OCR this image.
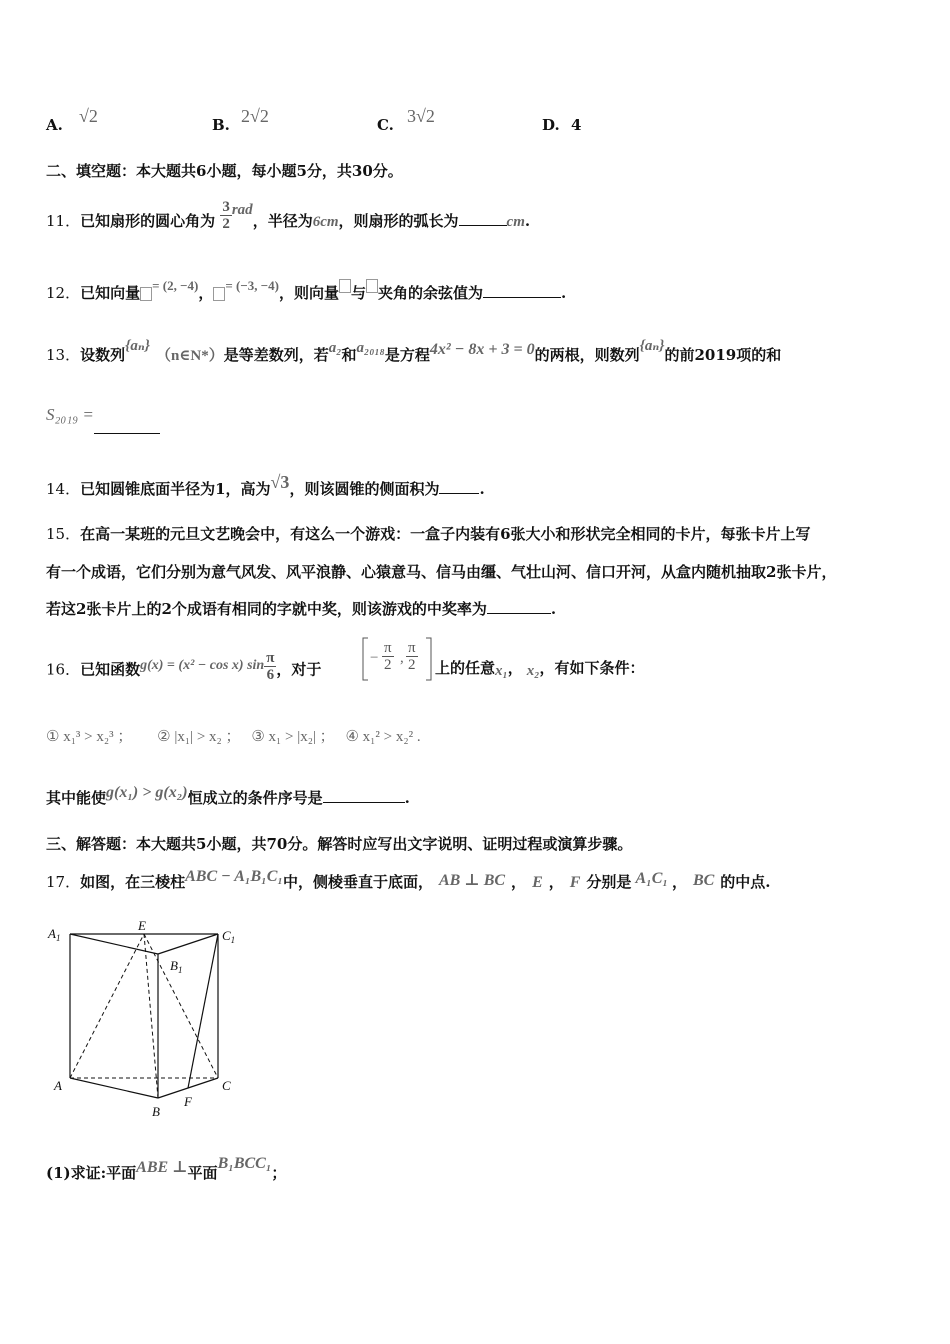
A. √2	B. 2√2	C. 3√2	D. 4
二、填空题：本大题共6小题，每小题5分，共30分。
11．已知扇形的圆心角为 $\frac{3}{2}$ rad，半径为6cm，则扇形的弧长为	cm.
12．已知向量 = (2, −4)， = (−3, −4)，则向量 与 夹角的余弦值为	.
13．设数列{aₙ}（n∈N*）是等差数列，若a₂和a₂₀₁₈是方程4x² − 8x + 3 = 0的两根，则数列{aₙ}的前2019项的和
S₂₀₁₉ =
14．已知圆锥底面半径为1，高为√3，则该圆锥的侧面积为	.
15．在高一某班的元旦文艺晚会中，有这么一个游戏：一盒子内装有6张大小和形状完全相同的卡片，每张卡片上写
有一个成语，它们分别为意气风发、风平浪静、心猿意马、信马由缰、气壮山河、信口开河，从盒内随机抽取2张卡片，
若这2张卡片上的2个成语有相同的字就中奖，则该游戏的中奖率为	.
16．已知函数g(x) = (x² − cos x) $\sin \frac{\pi}{6}$ ，对于
− $\frac{\pi}{2}$ , $\frac{\pi}{2}$ 上的任意x₁， x₂，有如下条件：
① x₁³ > x₂³ ； ② |x₁| > x₂ ； ③ x₁ > |x₂| ； ④ x₁² > x₂² .
其中能使g(x₁) > g(x₂)恒成立的条件序号是	.
三、解答题：本大题共5小题，共70分。解答时应写出文字说明、证明过程或演算步骤。
17．如图，在三棱柱ABC − A₁B₁C₁中，侧棱垂直于底面， AB ⊥ BC ， E ， F 分别是 A₁C₁ ， BC 的中点.
$A_1$
E
$C_1$
$B_1$
A
B
C
F
(1)求证:平面ABE ⊥平面B₁BCC₁；
